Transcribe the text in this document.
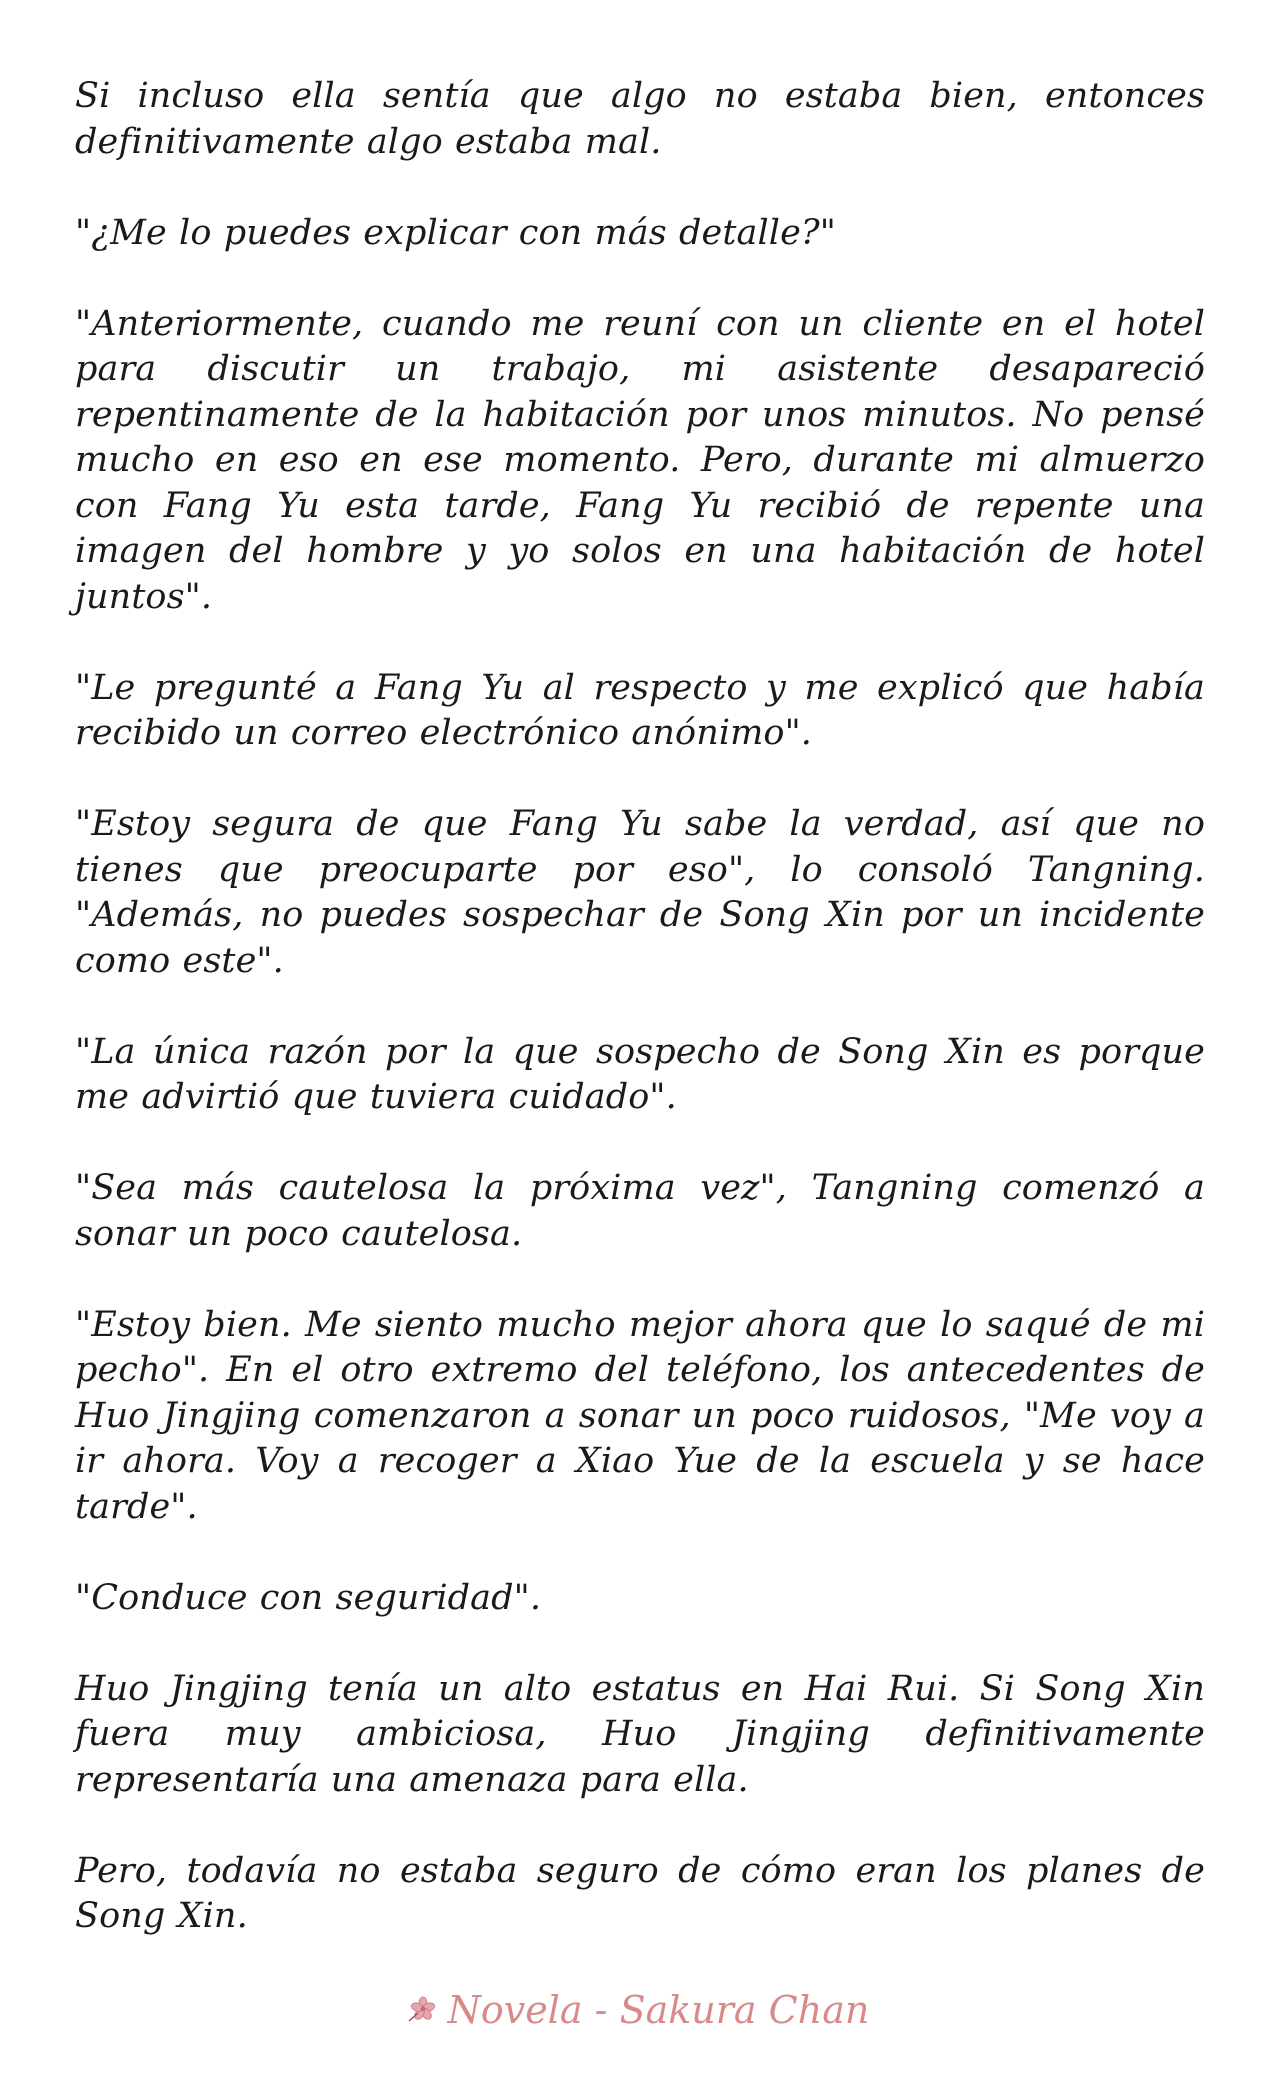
Si incluso ella sentía que algo no estaba bien, entonces definitivamente algo estaba mal.

"¿Me lo puedes explicar con más detalle?"

"Anteriormente, cuando me reuní con un cliente en el hotel para discutir un trabajo, mi asistente desapareció repentinamente de la habitación por unos minutos. No pensé mucho en eso en ese momento. Pero, durante mi almuerzo con Fang Yu esta tarde, Fang Yu recibió de repente una imagen del hombre y yo solos en una habitación de hotel juntos".

"Le pregunté a Fang Yu al respecto y me explicó que había recibido un correo electrónico anónimo".

"Estoy segura de que Fang Yu sabe la verdad, así que no tienes que preocuparte por eso", lo consoló Tangning. "Además, no puedes sospechar de Song Xin por un incidente como este".

"La única razón por la que sospecho de Song Xin es porque me advirtió que tuviera cuidado".

"Sea más cautelosa la próxima vez", Tangning comenzó a sonar un poco cautelosa.

"Estoy bien. Me siento mucho mejor ahora que lo saqué de mi pecho". En el otro extremo del teléfono, los antecedentes de Huo Jingjing comenzaron a sonar un poco ruidosos, "Me voy a ir ahora. Voy a recoger a Xiao Yue de la escuela y se hace tarde".

"Conduce con seguridad".

Huo Jingjing tenía un alto estatus en Hai Rui. Si Song Xin fuera muy ambiciosa, Huo Jingjing definitivamente representaría una amenaza para ella.

Pero, todavía no estaba seguro de cómo eran los planes de Song Xin.

Novela - Sakura Chan
